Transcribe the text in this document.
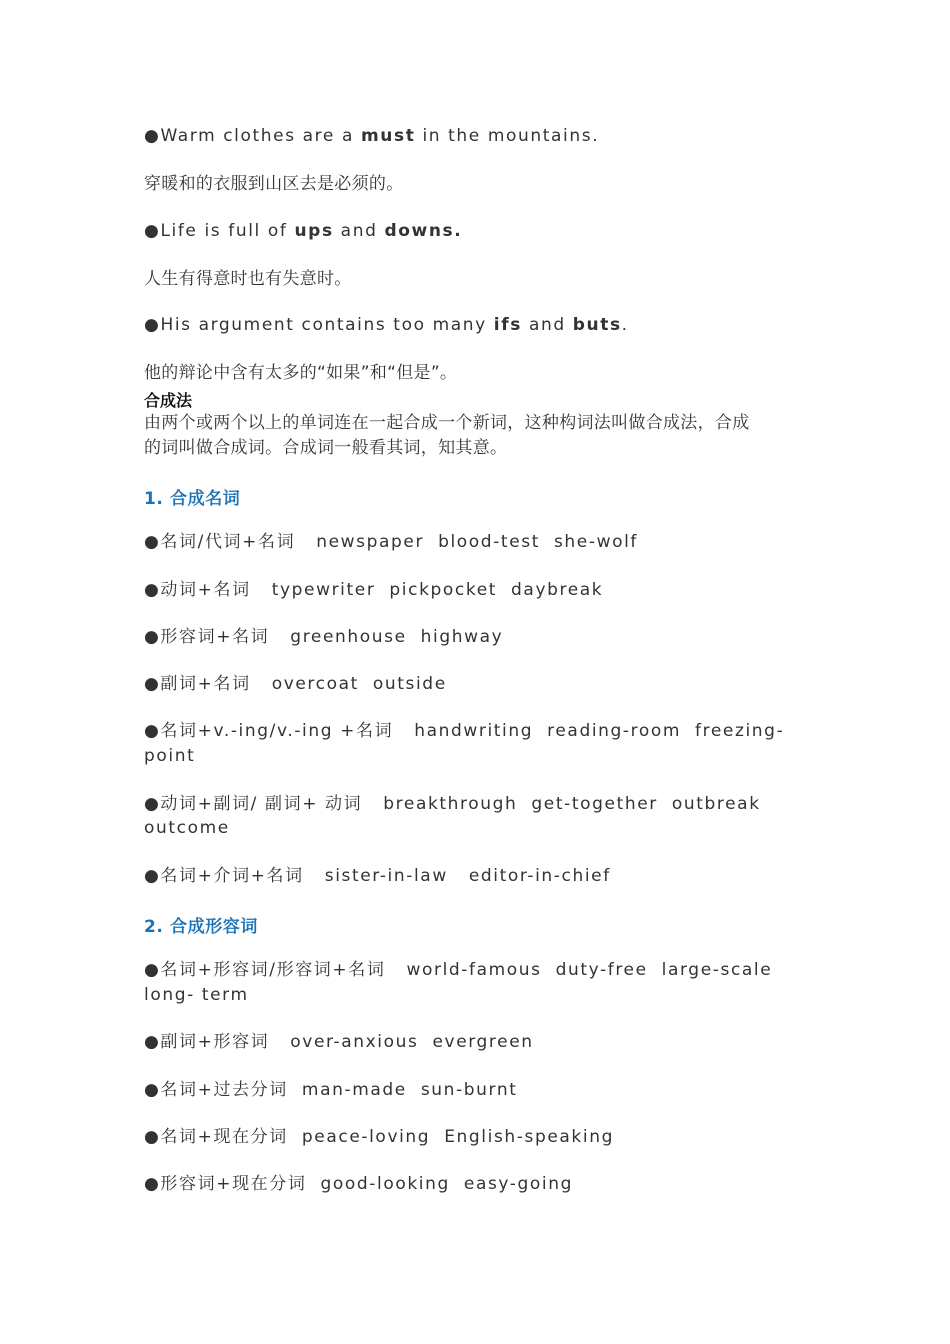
●Warm clothes are a must in the mountains.
穿暖和的衣服到山区去是必须的。
●Life is full of ups and downs.
人生有得意时也有失意时。
●His argument contains too many ifs and buts.
他的辩论中含有太多的“如果”和“但是”。
合成法
由两个或两个以上的单词连在一起合成一个新词，这种构词法叫做合成法，合成
的词叫做合成词。合成词一般看其词，知其意。
1. 合成名词
●名词/代词+名词 newspaper  blood-test  she-wolf
●动词+名词 typewriter  pickpocket  daybreak
●形容词+名词 greenhouse  highway
●副词+名词 overcoat  outside
●名词+v.-ing/v.-ing +名词 handwriting  reading-room  freezing-
point
●动词+副词/ 副词+ 动词 breakthrough  get-together  outbreak
outcome
●名词+介词+名词 sister-in-law   editor-in-chief
2. 合成形容词
●名词+形容词/形容词+名词 world-famous  duty-free  large-scale
long- term
●副词+形容词 over-anxious  evergreen
●名词+过去分词 man-made  sun-burnt
●名词+现在分词 peace-loving  English-speaking
●形容词+现在分词 good-looking  easy-going
